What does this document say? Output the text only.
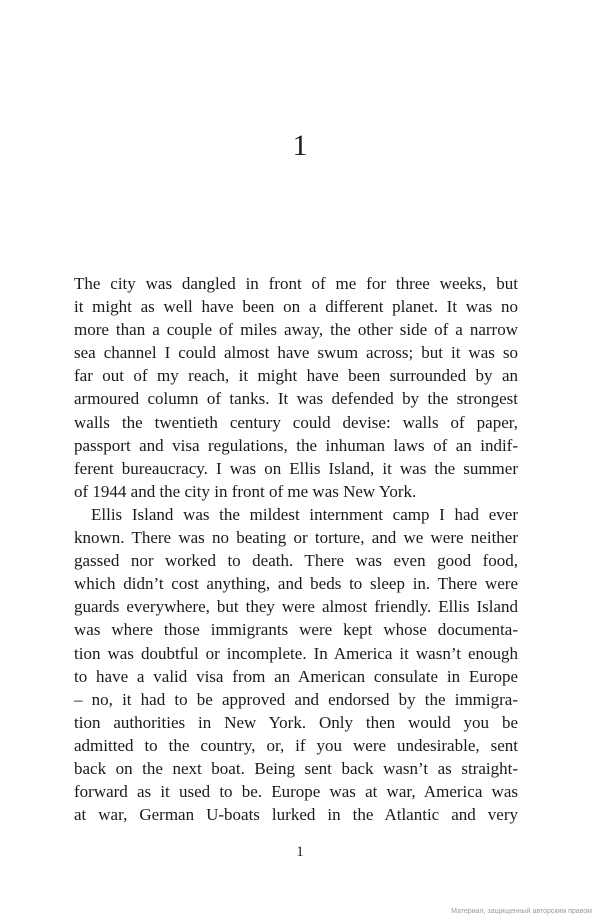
1

The city was dangled in front of me for three weeks, but
it might as well have been on a different planet. It was no
more than a couple of miles away, the other side of a narrow
sea channel I could almost have swum across; but it was so
far out of my reach, it might have been surrounded by an
armoured column of tanks. It was defended by the strongest
walls the twentieth century could devise: walls of paper,
passport and visa regulations, the inhuman laws of an indif-
ferent bureaucracy. I was on Ellis Island, it was the summer
of 1944 and the city in front of me was New York.

Ellis Island was the mildest internment camp I had ever
known. There was no beating or torture, and we were neither
gassed nor worked to death. There was even good food,
which didn’t cost anything, and beds to sleep in. There were
guards everywhere, but they were almost friendly. Ellis Island
was where those immigrants were kept whose documenta-
tion was doubtful or incomplete. In America it wasn’t enough
to have a valid visa from an American consulate in Europe
– no, it had to be approved and endorsed by the immigra-
tion authorities in New York. Only then would you be
admitted to the country, or, if you were undesirable, sent
back on the next boat. Being sent back wasn’t as straight-
forward as it used to be. Europe was at war, America was
at war, German U-boats lurked in the Atlantic and very

1
Материал, защищенный авторским правом
